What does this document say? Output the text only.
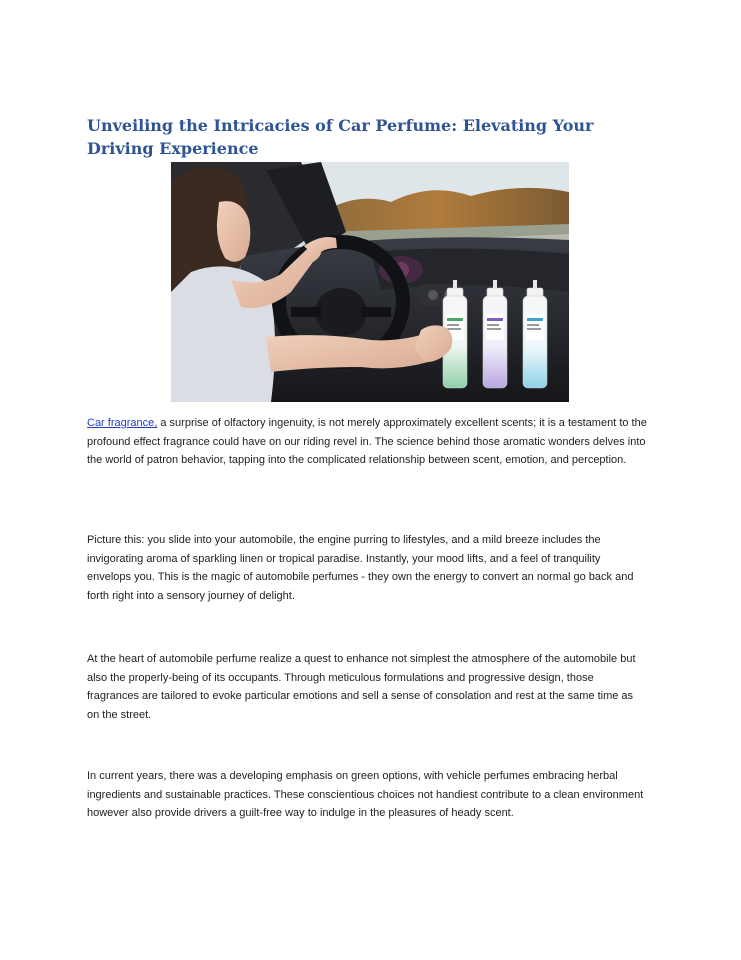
Unveiling the Intricacies of Car Perfume: Elevating Your Driving Experience

Car fragrance, a surprise of olfactory ingenuity, is not merely approximately excellent scents; it is a testament to the profound effect fragrance could have on our riding revel in. The science behind those aromatic wonders delves into the world of patron behavior, tapping into the complicated relationship between scent, emotion, and perception.

Picture this: you slide into your automobile, the engine purring to lifestyles, and a mild breeze includes the invigorating aroma of sparkling linen or tropical paradise. Instantly, your mood lifts, and a feel of tranquility envelops you. This is the magic of automobile perfumes - they own the energy to convert an normal go back and forth right into a sensory journey of delight.

At the heart of automobile perfume realize a quest to enhance not simplest the atmosphere of the automobile but also the properly-being of its occupants. Through meticulous formulations and progressive design, those fragrances are tailored to evoke particular emotions and sell a sense of consolation and rest at the same time as on the street.

In current years, there was a developing emphasis on green options, with vehicle perfumes embracing herbal ingredients and sustainable practices. These conscientious choices not handiest contribute to a clean environment however also provide drivers a guilt-free way to indulge in the pleasures of heady scent.
